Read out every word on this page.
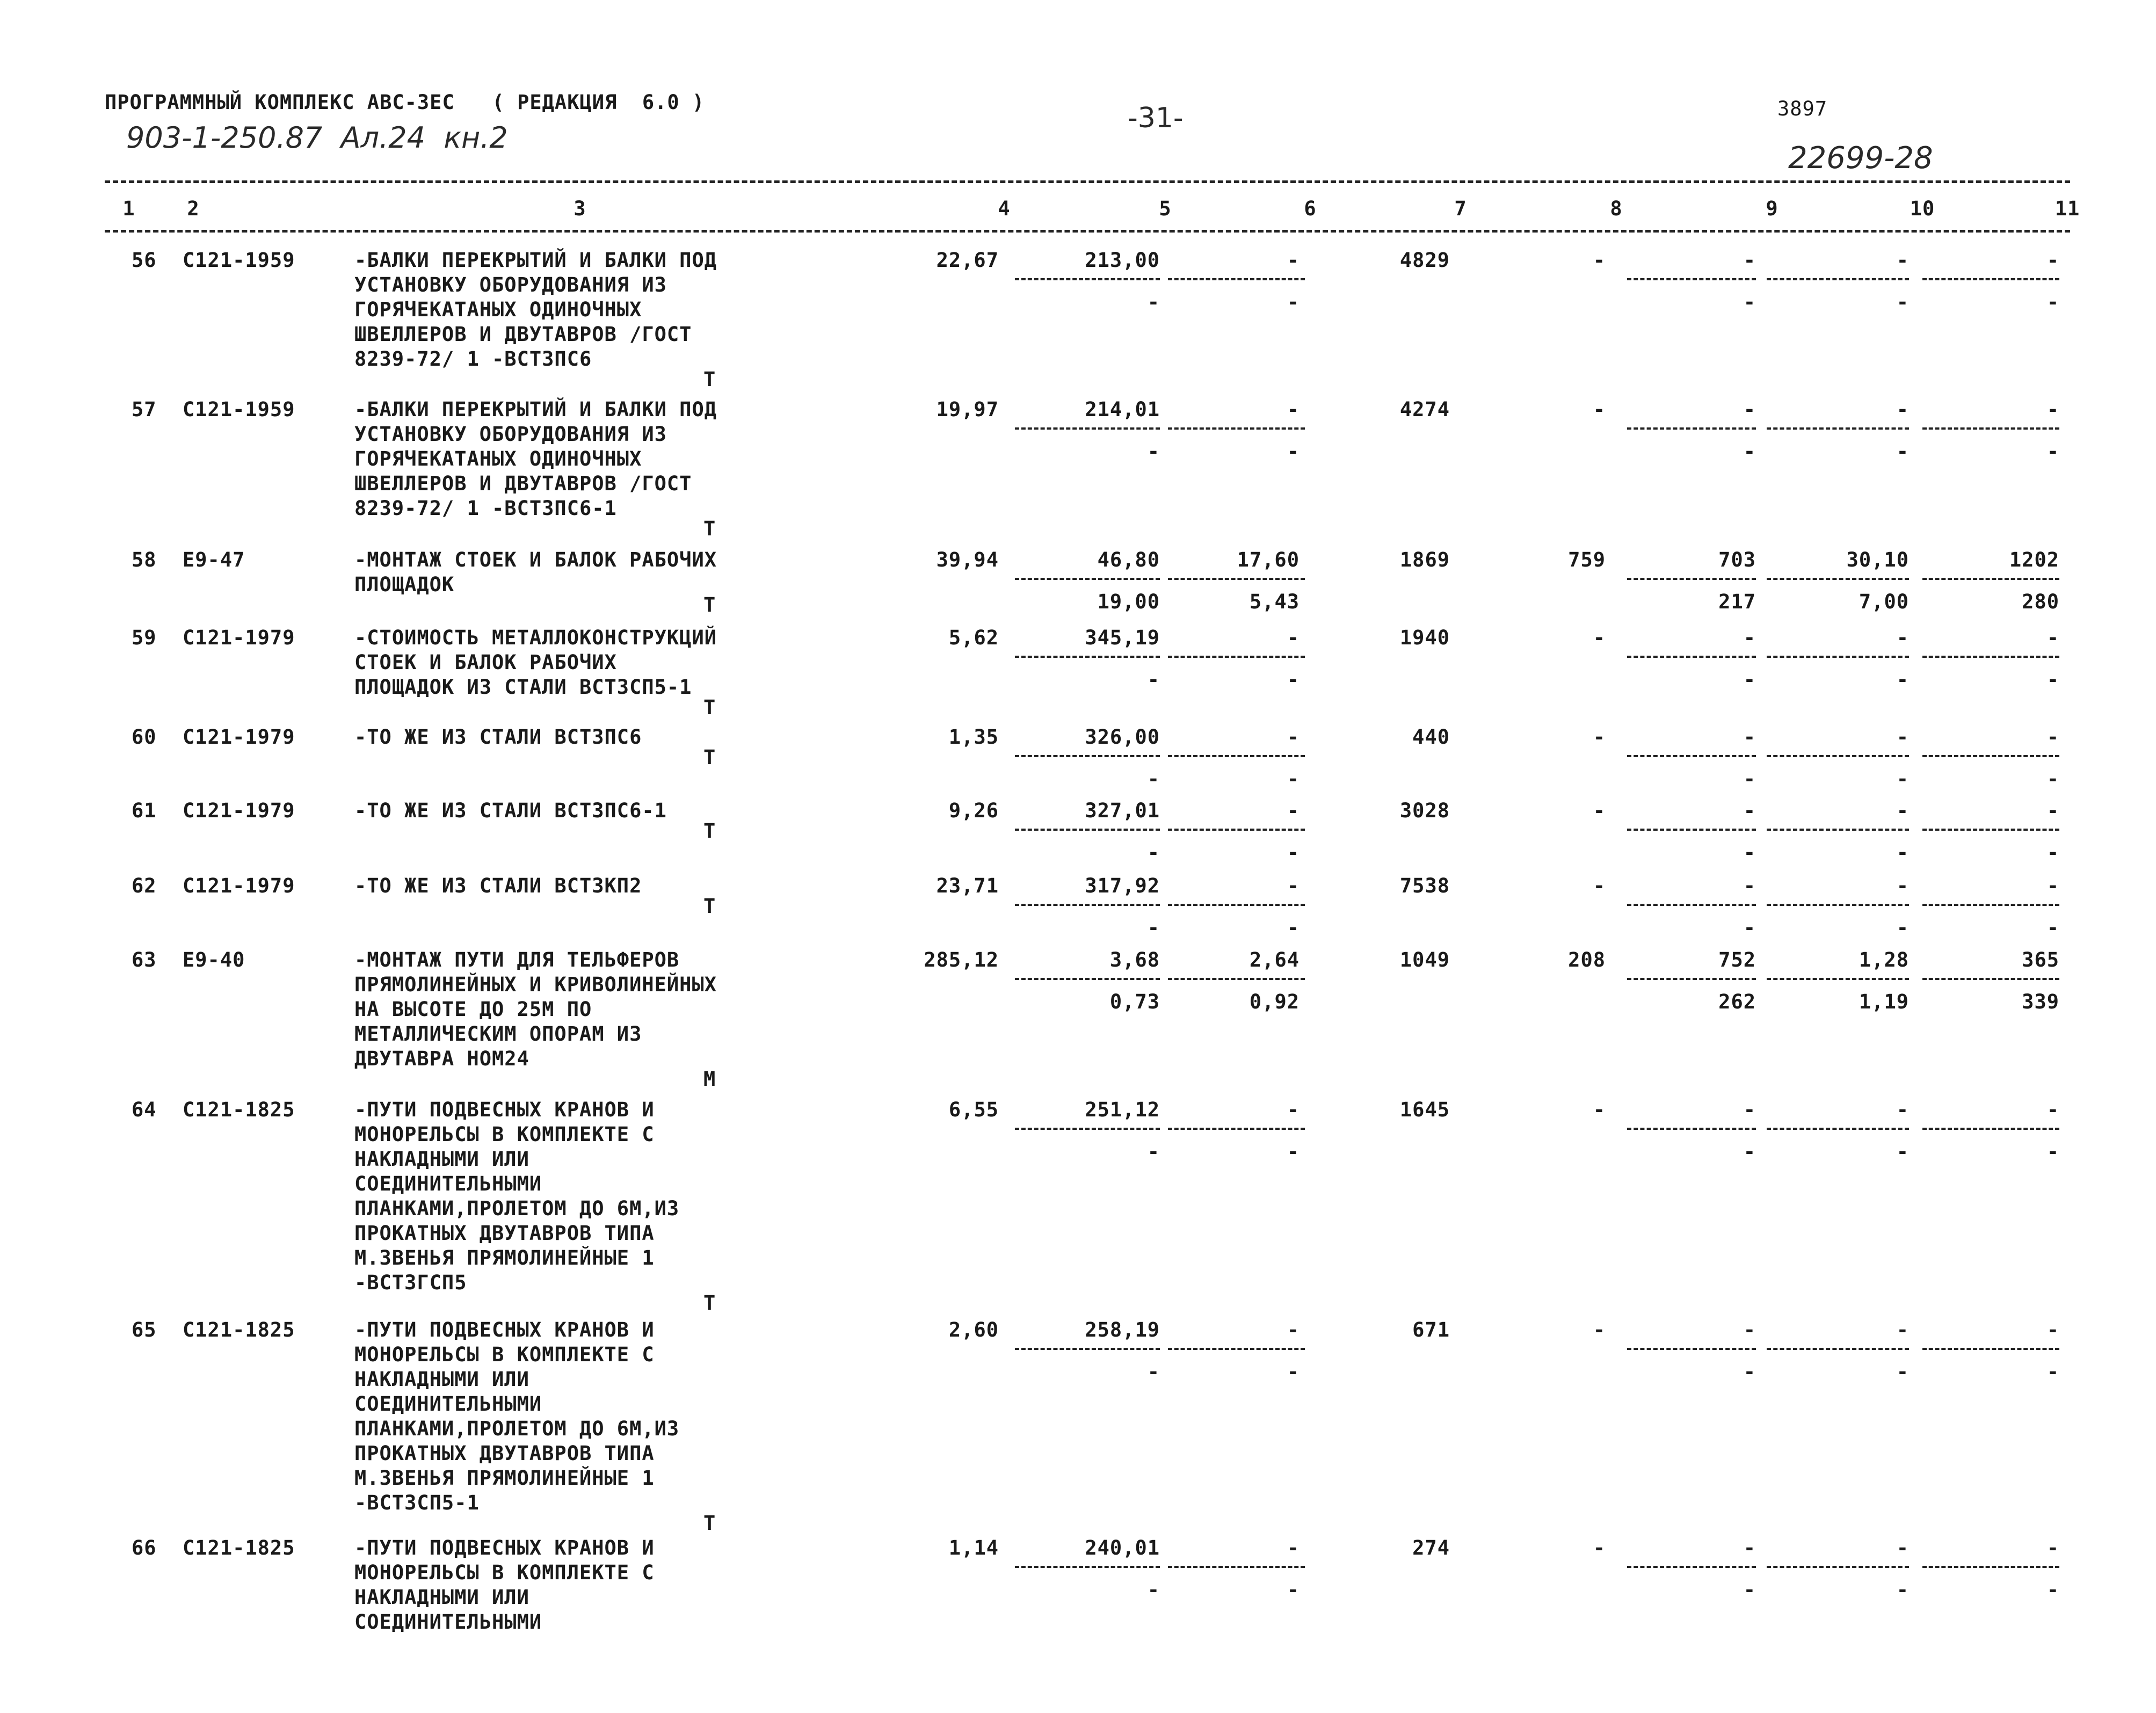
ПРОГРАММНЫЙ КОМПЛЕКС АВС-3ЕС   ( РЕДАКЦИЯ  6.0 )
903-1-250.87  Ал.24  кн.2
-31-	3897
22699-28
1	2	3	4	5	6	7	8	9	10	11
56	С121-1959	-БАЛКИ ПЕРЕКРЫТИЙ И БАЛКИ ПОД
УСТАНОВКУ ОБОРУДОВАНИЯ ИЗ
ГОРЯЧЕКАТАНЫХ ОДИНОЧНЫХ
ШВЕЛЛЕРОВ И ДВУТАВРОВ /ГОСТ
8239-72/ 1 -ВСТ3ПС6
Т
22,67	213,00	-	4829	-	-	-	-
-	-	-	-	-
57	С121-1959	-БАЛКИ ПЕРЕКРЫТИЙ И БАЛКИ ПОД
УСТАНОВКУ ОБОРУДОВАНИЯ ИЗ
ГОРЯЧЕКАТАНЫХ ОДИНОЧНЫХ
ШВЕЛЛЕРОВ И ДВУТАВРОВ /ГОСТ
8239-72/ 1 -ВСТ3ПС6-1
Т
19,97	214,01	-	4274	-	-	-	-
-	-	-	-	-
58	Е9-47	-МОНТАЖ СТОЕК И БАЛОК РАБОЧИХ
ПЛОЩАДОК
Т
39,94	46,80	17,60	1869	759	703	30,10	1202
19,00	5,43	217	7,00	280
59	С121-1979	-СТОИМОСТЬ МЕТАЛЛОКОНСТРУКЦИЙ
СТОЕК И БАЛОК РАБОЧИХ
ПЛОЩАДОК ИЗ СТАЛИ ВСТ3СП5-1
Т
5,62	345,19	-	1940	-	-	-	-
-	-	-	-	-
60	С121-1979	-ТО ЖЕ ИЗ СТАЛИ ВСТ3ПС6
Т
1,35	326,00	-	440	-	-	-	-
-	-	-	-	-
61	С121-1979	-ТО ЖЕ ИЗ СТАЛИ ВСТ3ПС6-1
Т
9,26	327,01	-	3028	-	-	-	-
-	-	-	-	-
62	С121-1979	-ТО ЖЕ ИЗ СТАЛИ ВСТ3КП2
Т
23,71	317,92	-	7538	-	-	-	-
-	-	-	-	-
63	Е9-40	-МОНТАЖ ПУТИ ДЛЯ ТЕЛЬФЕРОВ
ПРЯМОЛИНЕЙНЫХ И КРИВОЛИНЕЙНЫХ
НА ВЫСОТЕ ДО 25М ПО
МЕТАЛЛИЧЕСКИМ ОПОРАМ ИЗ
ДВУТАВРА НОМ24
М
285,12	3,68	2,64	1049	208	752	1,28	365
0,73	0,92	262	1,19	339
64	С121-1825	-ПУТИ ПОДВЕСНЫХ КРАНОВ И
МОНОРЕЛЬСЫ В КОМПЛЕКТЕ С
НАКЛАДНЫМИ ИЛИ
СОЕДИНИТЕЛЬНЫМИ
ПЛАНКАМИ,ПРОЛЕТОМ ДО 6М,ИЗ
ПРОКАТНЫХ ДВУТАВРОВ ТИПА
М.ЗВЕНЬЯ ПРЯМОЛИНЕЙНЫЕ 1
-ВСТ3ГСП5
Т
6,55	251,12	-	1645	-	-	-	-
-	-	-	-	-
65	С121-1825	-ПУТИ ПОДВЕСНЫХ КРАНОВ И
МОНОРЕЛЬСЫ В КОМПЛЕКТЕ С
НАКЛАДНЫМИ ИЛИ
СОЕДИНИТЕЛЬНЫМИ
ПЛАНКАМИ,ПРОЛЕТОМ ДО 6М,ИЗ
ПРОКАТНЫХ ДВУТАВРОВ ТИПА
М.ЗВЕНЬЯ ПРЯМОЛИНЕЙНЫЕ 1
-ВСТ3СП5-1
Т
2,60	258,19	-	671	-	-	-	-
-	-	-	-	-
66	С121-1825	-ПУТИ ПОДВЕСНЫХ КРАНОВ И
МОНОРЕЛЬСЫ В КОМПЛЕКТЕ С
НАКЛАДНЫМИ ИЛИ
СОЕДИНИТЕЛЬНЫМИ
1,14	240,01	-	274	-	-	-	-
-	-	-	-	-
